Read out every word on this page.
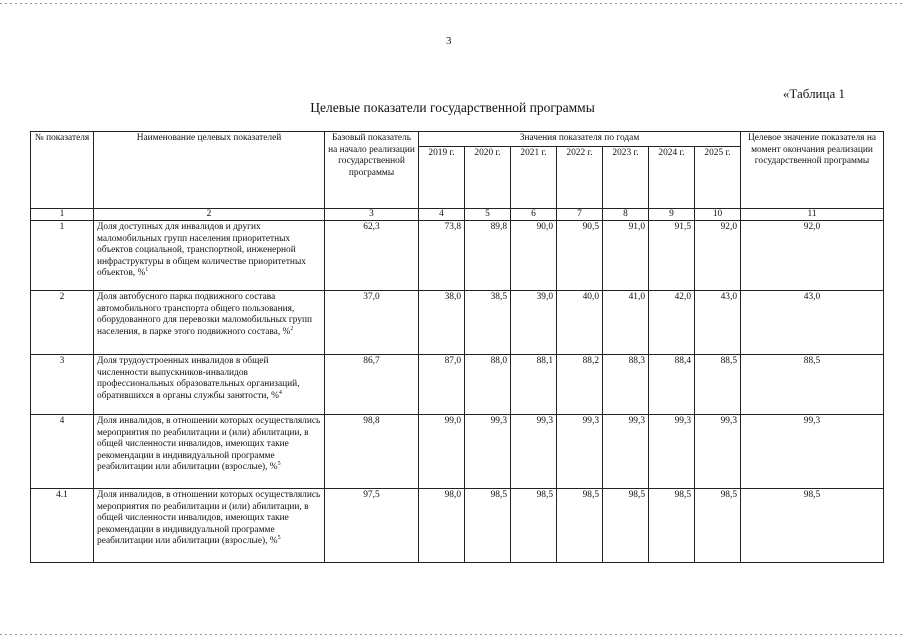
3
«Таблица 1
Целевые показатели государственной программы
№ показателя	Наименование целевых показателей	Базовый показатель на начало реализации государственной программы	Значения показателя по годам							Целевое значение показателя на момент окончания реализации государственной программы
			2019 г.	2020 г.	2021 г.	2022 г.	2023 г.	2024 г.	2025 г.	
1	2	3	4	5	6	7	8	9	10	11
1	Доля доступных для инвалидов и других маломобильных групп населения приоритетных объектов социальной, транспортной, инженерной инфраструктуры в общем количестве приоритетных объектов, %$^1$	62,3	73,8	89,8	90,0	90,5	91,0	91,5	92,0	92,0
2	Доля автобусного парка подвижного состава автомобильного транспорта общего пользования, оборудованного для перевозки маломобильных групп населения, в парке этого подвижного состава, %$^2$	37,0	38,0	38,5	39,0	40,0	41,0	42,0	43,0	43,0
3	Доля трудоустроенных инвалидов в общей численности выпускников-инвалидов профессиональных образовательных организаций, обратившихся в органы службы занятости, %$^4$	86,7	87,0	88,0	88,1	88,2	88,3	88,4	88,5	88,5
4	Доля инвалидов, в отношении которых осуществлялись мероприятия по реабилитации и (или) абилитации, в общей численности инвалидов, имеющих такие рекомендации в индивидуальной программе реабилитации или абилитации (взрослые), %$^5$	98,8	99,0	99,3	99,3	99,3	99,3	99,3	99,3	99,3
4.1	Доля инвалидов, в отношении которых осуществлялись мероприятия по реабилитации и (или) абилитации, в общей численности инвалидов, имеющих такие рекомендации в индивидуальной программе реабилитации или абилитации (взрослые), %$^5$	97,5	98,0	98,5	98,5	98,5	98,5	98,5	98,5	98,5
